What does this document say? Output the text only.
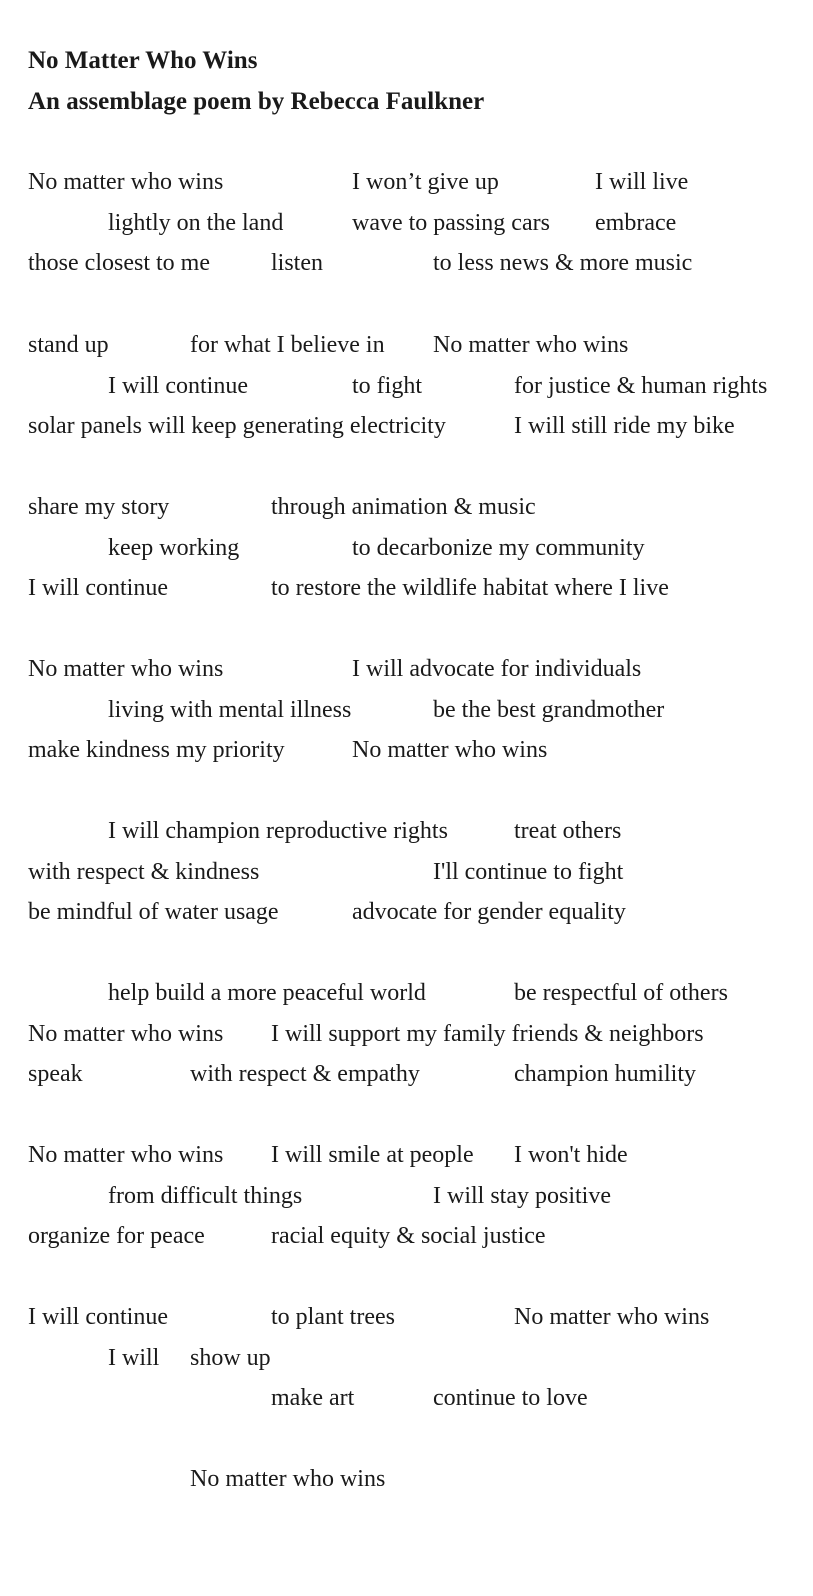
No Matter Who Wins
An assemblage poem by Rebecca Faulkner
No matter who wins	I won’t give up	I will live
lightly on the land	wave to passing cars embrace
those closest to me	listen	to less news & more music
stand up	for what I believe in No matter who wins
I will continue	to fight	for justice & human rights
solar panels will keep generating electricity	I will still ride my bike
share my story	through animation & music
keep working	to decarbonize my community
I will continue	to restore the wildlife habitat where I live
No matter who wins	I will advocate for individuals
living with mental illness	be the best grandmother
make kindness my priority	No matter who wins
I will champion reproductive rights	treat others
with respect & kindness	I'll continue to fight
be mindful of water usage	advocate for gender equality
help build a more peaceful world	be respectful of others
No matter who wins I will support my family friends & neighbors
speak	with respect & empathy	champion humility
No matter who wins I will smile at people I won't hide
from difficult things	I will stay positive
organize for peace	racial equity & social justice
I will continue	to plant trees	No matter who wins
I will show up
make art	continue to love
No matter who wins
